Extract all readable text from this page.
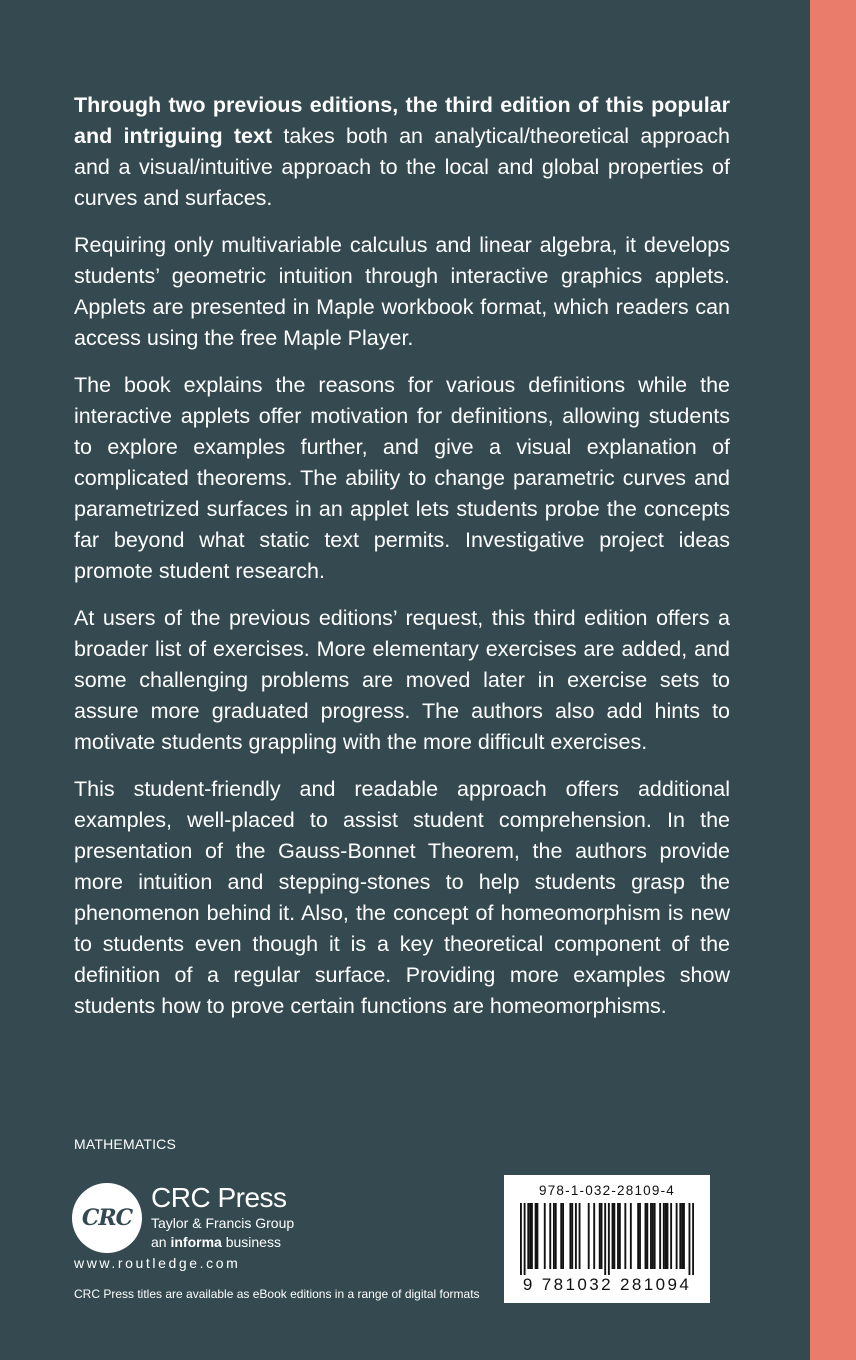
Through two previous editions, the third edition of this popular and intriguing text takes both an analytical/theoretical approach and a visual/intuitive approach to the local and global properties of curves and surfaces.

Requiring only multivariable calculus and linear algebra, it develops students’ geometric intuition through interactive graphics applets. Applets are presented in Maple workbook format, which readers can access using the free Maple Player.

The book explains the reasons for various definitions while the interactive applets offer motivation for definitions, allowing students to explore examples further, and give a visual explanation of complicated theorems. The ability to change parametric curves and parametrized surfaces in an applet lets students probe the concepts far beyond what static text permits. Investigative project ideas promote student research.

At users of the previous editions’ request, this third edition offers a broader list of exercises. More elementary exercises are added, and some challenging problems are moved later in exercise sets to assure more graduated progress. The authors also add hints to motivate students grappling with the more difficult exercises.

This student-friendly and readable approach offers additional examples, well-placed to assist student comprehension. In the presentation of the Gauss-Bonnet Theorem, the authors provide more intuition and stepping-stones to help students grasp the phenomenon behind it. Also, the concept of homeomorphism is new to students even though it is a key theoretical component of the definition of a regular surface. Providing more examples show students how to prove certain functions are homeomorphisms.

MATHEMATICS
CRC
CRC Press
Taylor & Francis Group
an informa business
www.routledge.com
CRC Press titles are available as eBook editions in a range of digital formats
978-1-032-28109-4
9 781032 281094
